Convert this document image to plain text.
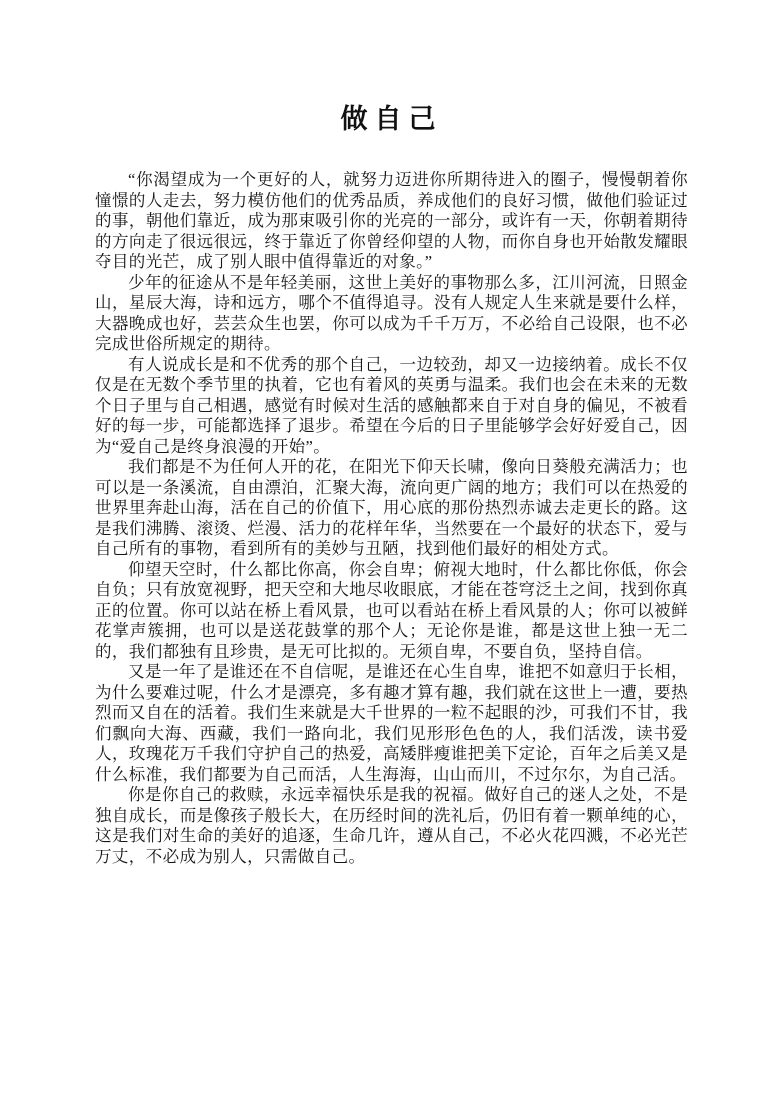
做自己

“你渴望成为一个更好的人，就努力迈进你所期待进入的圈子，慢慢朝着你憧憬的人走去，努力模仿他们的优秀品质，养成他们的良好习惯，做他们验证过的事，朝他们靠近，成为那束吸引你的光亮的一部分，或许有一天，你朝着期待的方向走了很远很远，终于靠近了你曾经仰望的人物，而你自身也开始散发耀眼夺目的光芒，成了别人眼中值得靠近的对象。”

少年的征途从不是年轻美丽，这世上美好的事物那么多，江川河流，日照金山，星辰大海，诗和远方，哪个不值得追寻。没有人规定人生来就是要什么样，大器晚成也好，芸芸众生也罢，你可以成为千千万万，不必给自己设限，也不必完成世俗所规定的期待。

有人说成长是和不优秀的那个自己，一边较劲，却又一边接纳着。成长不仅仅是在无数个季节里的执着，它也有着风的英勇与温柔。我们也会在未来的无数个日子里与自己相遇，感觉有时候对生活的感触都来自于对自身的偏见，不被看好的每一步，可能都选择了退步。希望在今后的日子里能够学会好好爱自己，因为“爱自己是终身浪漫的开始”。

我们都是不为任何人开的花，在阳光下仰天长啸，像向日葵般充满活力；也可以是一条溪流，自由漂泊，汇聚大海，流向更广阔的地方；我们可以在热爱的世界里奔赴山海，活在自己的价值下，用心底的那份热烈赤诚去走更长的路。这是我们沸腾、滚烫、烂漫、活力的花样年华，当然要在一个最好的状态下，爱与自己所有的事物，看到所有的美妙与丑陋，找到他们最好的相处方式。

仰望天空时，什么都比你高，你会自卑；俯视大地时，什么都比你低，你会自负；只有放宽视野，把天空和大地尽收眼底，才能在苍穹泛土之间，找到你真正的位置。你可以站在桥上看风景，也可以看站在桥上看风景的人；你可以被鲜花掌声簇拥，也可以是送花鼓掌的那个人；无论你是谁，都是这世上独一无二的，我们都独有且珍贵，是无可比拟的。无须自卑，不要自负，坚持自信。

又是一年了是谁还在不自信呢，是谁还在心生自卑，谁把不如意归于长相，为什么要难过呢，什么才是漂亮，多有趣才算有趣，我们就在这世上一遭，要热烈而又自在的活着。我们生来就是大千世界的一粒不起眼的沙，可我们不甘，我们飘向大海、西藏，我们一路向北，我们见形形色色的人，我们活泼，读书爱人，玫瑰花万千我们守护自己的热爱，高矮胖瘦谁把美下定论，百年之后美又是什么标准，我们都要为自己而活，人生海海，山山而川，不过尔尔，为自己活。

你是你自己的救赎，永远幸福快乐是我的祝福。做好自己的迷人之处，不是独自成长，而是像孩子般长大，在历经时间的洗礼后，仍旧有着一颗单纯的心，这是我们对生命的美好的追逐，生命几许，遵从自己，不必火花四溅，不必光芒万丈，不必成为别人，只需做自己。
